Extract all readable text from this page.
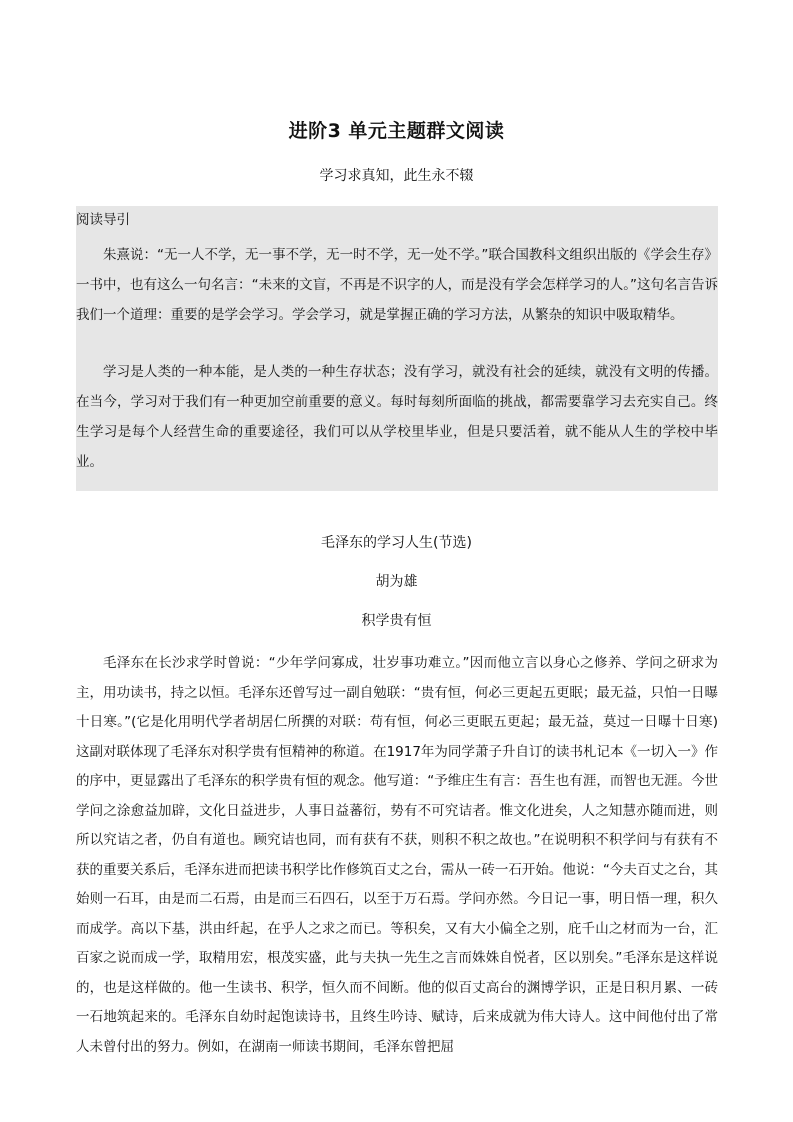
进阶3 单元主题群文阅读

学习求真知，此生永不辍

阅读导引

朱熹说：“无一人不学，无一事不学，无一时不学，无一处不学。”联合国教科文组织出版的《学会生存》一书中，也有这么一句名言：“未来的文盲，不再是不识字的人，而是没有学会怎样学习的人。”这句名言告诉我们一个道理：重要的是学会学习。学会学习，就是掌握正确的学习方法，从繁杂的知识中吸取精华。

学习是人类的一种本能，是人类的一种生存状态；没有学习，就没有社会的延续，就没有文明的传播。在当今，学习对于我们有一种更加空前重要的意义。每时每刻所面临的挑战，都需要靠学习去充实自己。终生学习是每个人经营生命的重要途径，我们可以从学校里毕业，但是只要活着，就不能从人生的学校中毕业。

毛泽东的学习人生(节选)

胡为雄

积学贵有恒

毛泽东在长沙求学时曾说：“少年学问寡成，壮岁事功难立。”因而他立言以身心之修养、学问之研求为主，用功读书，持之以恒。毛泽东还曾写过一副自勉联：“贵有恒，何必三更起五更眠；最无益，只怕一日曝十日寒。”(它是化用明代学者胡居仁所撰的对联：苟有恒，何必三更眠五更起；最无益，莫过一日曝十日寒)这副对联体现了毛泽东对积学贵有恒精神的称道。在1917年为同学萧子升自订的读书札记本《一切入一》作的序中，更显露出了毛泽东的积学贵有恒的观念。他写道：“予维庄生有言：吾生也有涯，而智也无涯。今世学问之涂愈益加辟，文化日益进步，人事日益蕃衍，势有不可究诘者。惟文化进矣，人之知慧亦随而进，则所以究诘之者，仍自有道也。顾究诘也同，而有获有不获，则积不积之故也。”在说明积不积学问与有获有不获的重要关系后，毛泽东进而把读书积学比作修筑百丈之台，需从一砖一石开始。他说：“今夫百丈之台，其始则一石耳，由是而二石焉，由是而三石四石，以至于万石焉。学问亦然。今日记一事，明日悟一理，积久而成学。高以下基，洪由纤起，在乎人之求之而已。等积矣，又有大小偏全之别，庇千山之材而为一台，汇百家之说而成一学，取精用宏，根茂实盛，此与夫执一先生之言而姝姝自悦者，区以别矣。”毛泽东是这样说的，也是这样做的。他一生读书、积学，恒久而不间断。他的似百丈高台的渊博学识，正是日积月累、一砖一石地筑起来的。毛泽东自幼时起饱读诗书，且终生吟诗、赋诗，后来成就为伟大诗人。这中间他付出了常人未曾付出的努力。例如，在湖南一师读书期间，毛泽东曾把屈
